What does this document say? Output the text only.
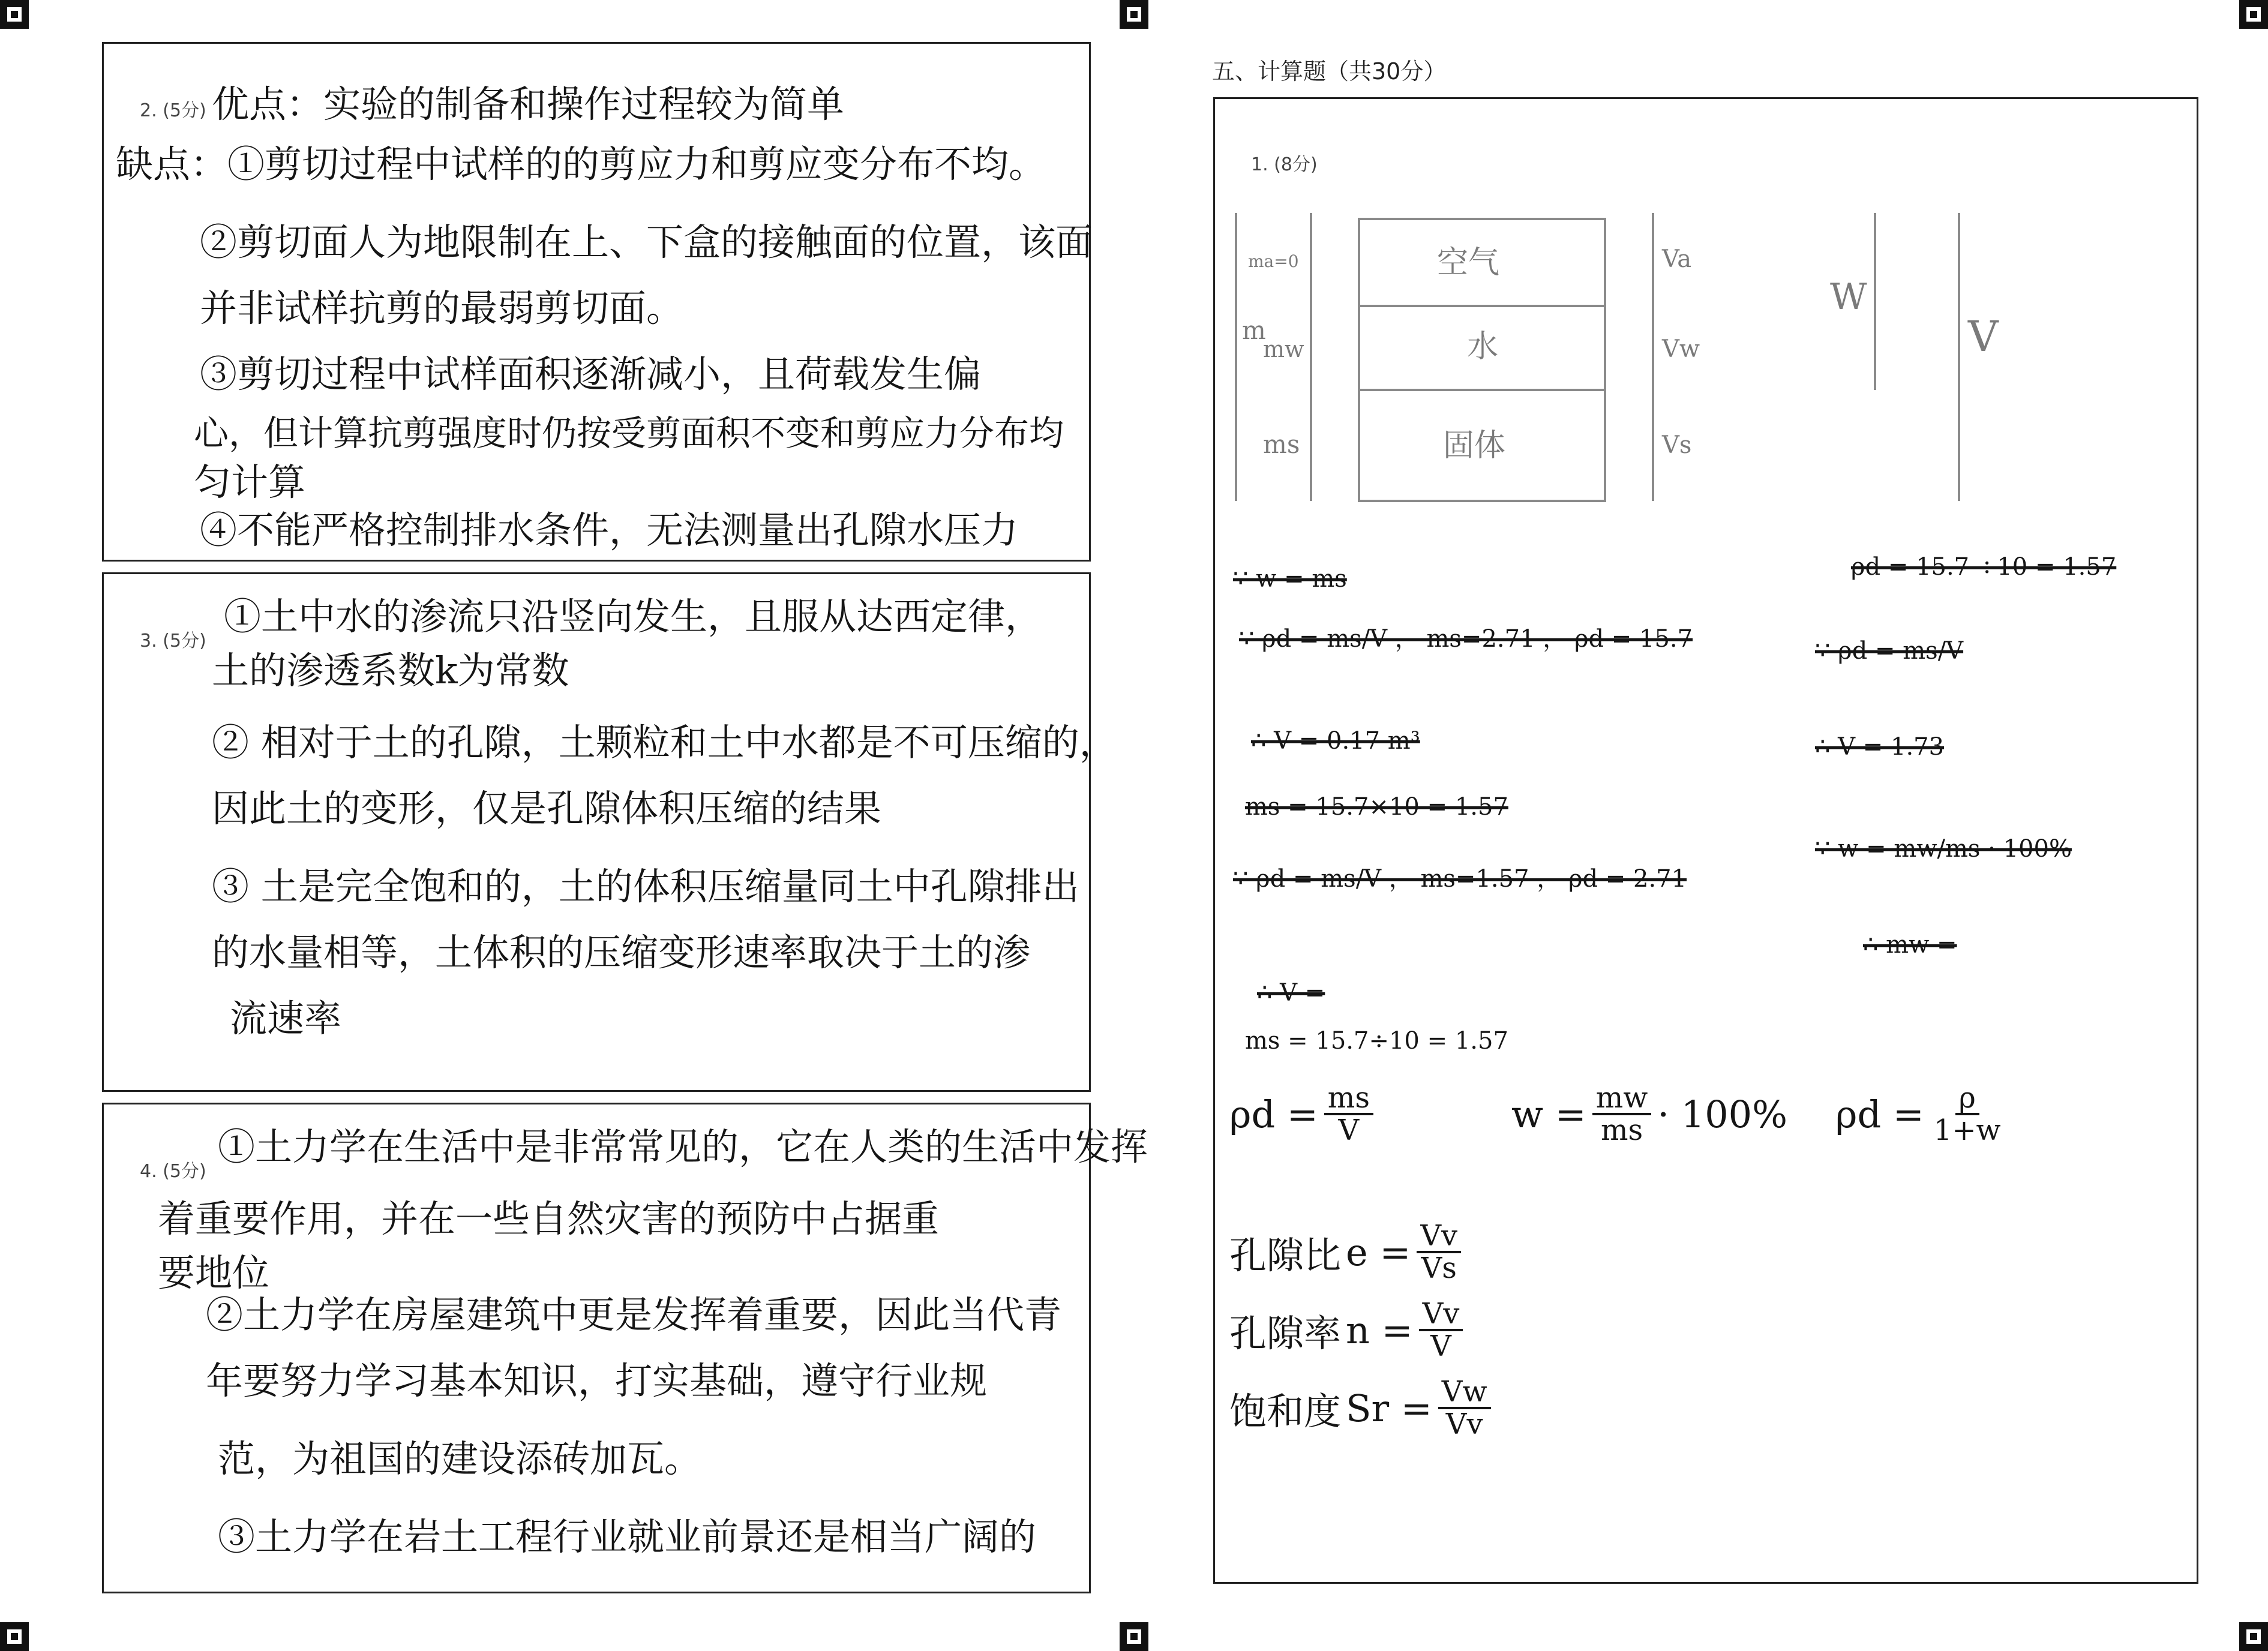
2. (5分) 优点：实验的制备和操作过程较为简单
缺点：①剪切过程中试样的的剪应力和剪应变分布不均。
②剪切面人为地限制在上、下盒的接触面的位置，该面
并非试样抗剪的最弱剪切面。
③剪切过程中试样面积逐渐减小，且荷载发生偏
心，但计算抗剪强度时仍按受剪面积不变和剪应力分布均
匀计算
④不能严格控制排水条件，无法测量出孔隙水压力
3. (5分)
①土中水的渗流只沿竖向发生，且服从达西定律，
土的渗透系数k为常数
② 相对于土的孔隙，土颗粒和土中水都是不可压缩的，
因此土的变形，仅是孔隙体积压缩的结果
③ 土是完全饱和的，土的体积压缩量同土中孔隙排出
的水量相等，土体积的压缩变形速率取决于土的渗
流速率
4. (5分)
①土力学在生活中是非常常见的，它在人类的生活中发挥
着重要作用，并在一些自然灾害的预防中占据重
要地位
②土力学在房屋建筑中更是发挥着重要，因此当代青
年要努力学习基本知识，打实基础，遵守行业规
范，为祖国的建设添砖加瓦。
③土力学在岩土工程行业就业前景还是相当广阔的
五、计算题（共30分）
1. (8分)
空气
水
固体
m
ma=0
mw
ms
Va
Vw
Vs
W
V
∵ w = ms
∵ ρd = ms/V ， ms=2.71 ， ρd = 15.7
∴ V = 0.17 m³
ms = 15.7×10 = 1.57
∵ ρd = ms/V ， ms=1.57 ， ρd = 2.71
∴ V =
ms = 15.7÷10 = 1.57
ρd = 15.7 ÷10 = 1.57
∵ ρd = ms/V
∴ V = 1.73
∵ w = mw/ms · 100%
∴ mw =
$\rho d = \frac{ms}{V}$	$w = \frac{mw}{ms} \cdot 100\%$ $\rho d = \frac{\rho}{1+w}$
孔隙比 $e = \frac{Vv}{Vs}$
孔隙率 $n = \frac{Vv}{V}$
饱和度 $Sr = \frac{Vw}{Vv}$
